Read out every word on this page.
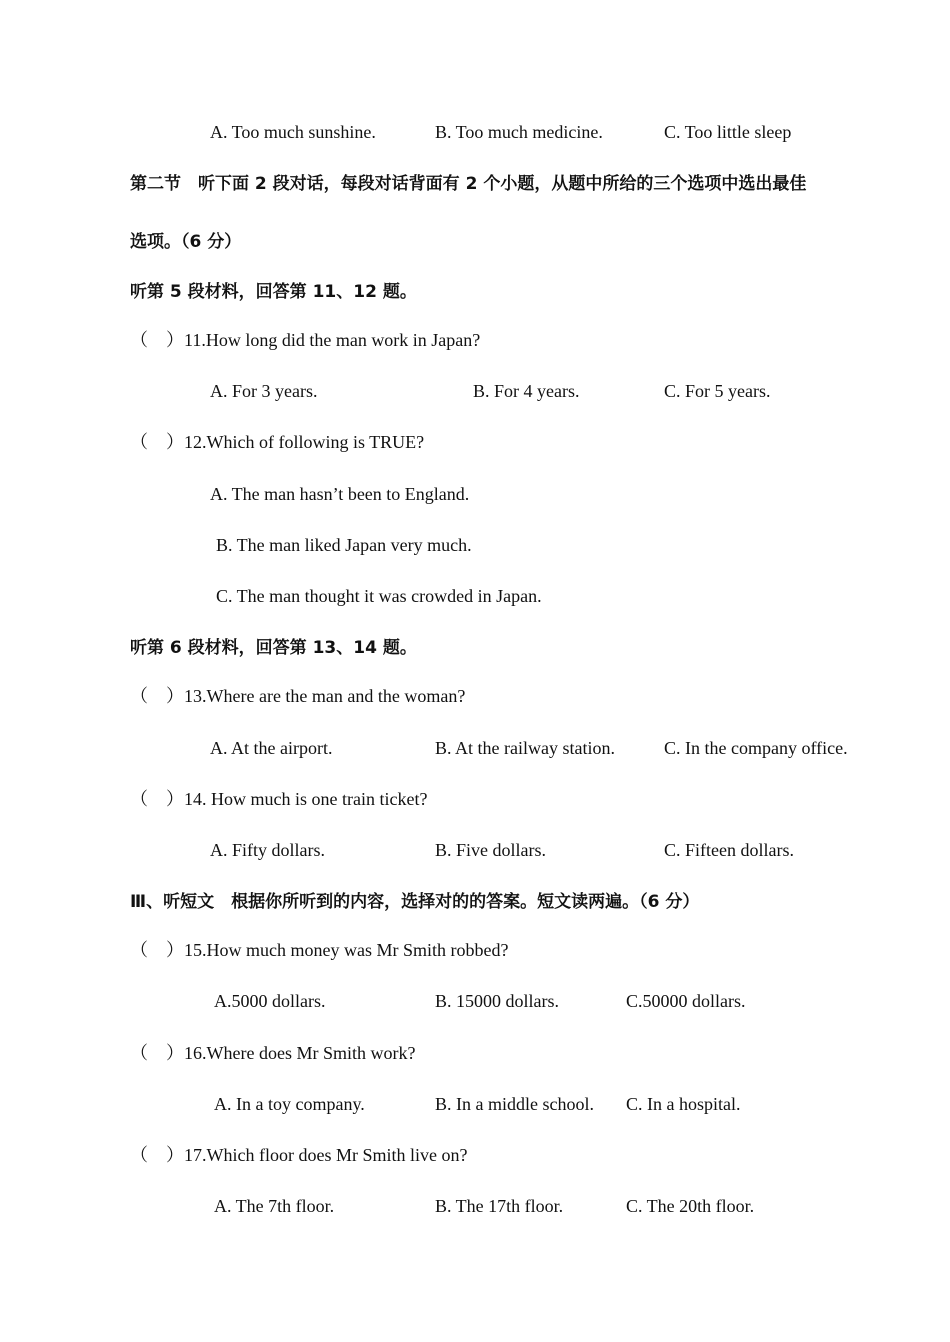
A. Too much sunshine.	B. Too much medicine.	C. Too little sleep
第二节　听下面 2 段对话，每段对话背面有 2 个小题，从题中所给的三个选项中选出最佳
选项。（6 分）
听第 5 段材料，回答第 11、12 题。
（　）11.How long did the man work in Japan?
A. For 3 years.	B. For 4 years.	C. For 5 years.
（　）12.Which of following is TRUE?
A. The man hasn’t been to England.
B. The man liked Japan very much.
C. The man thought it was crowded in Japan.
听第 6 段材料，回答第 13、14 题。
（　）13.Where are the man and the woman?
A. At the airport.	B. At the railway station.	C. In the company office.
（　）14. How much is one train ticket?
A. Fifty dollars.	B. Five dollars.	C. Fifteen dollars.
Ⅲ、听短文　根据你所听到的内容，选择对的的答案。短文读两遍。（6 分）
（　）15.How much money was Mr Smith robbed?
A.5000 dollars.	B. 15000 dollars.	C.50000 dollars.
（　）16.Where does Mr Smith work?
A. In a toy company.	B. In a middle school. C. In a hospital.
（　）17.Which floor does Mr Smith live on?
A. The 7th floor.	B. The 17th floor.	C. The 20th floor.
